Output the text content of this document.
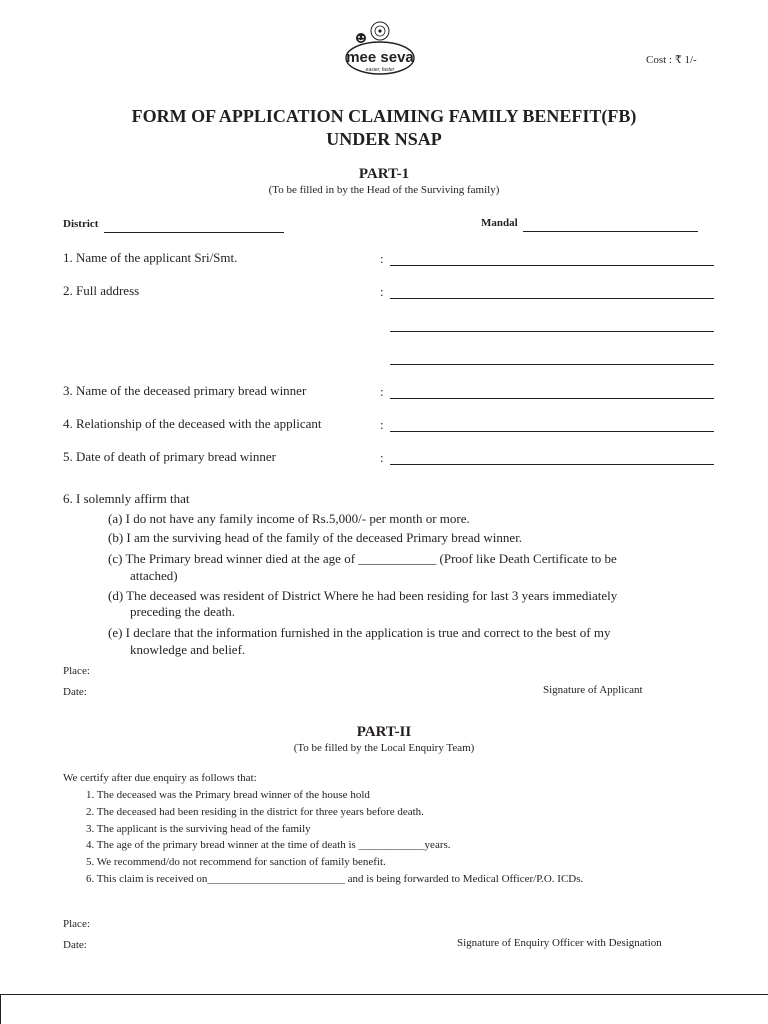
mee seva
easier, faster
Cost : ₹ 1/-
FORM OF APPLICATION CLAIMING FAMILY BENEFIT(FB)
UNDER NSAP
PART-1
(To be filled in by the Head of the Surviving family)
District	Mandal
1. Name of the applicant Sri/Smt.	:
2. Full address	:
3. Name of the deceased primary bread winner	:
4. Relationship of the deceased with the applicant	:
5. Date of death of primary bread winner	:
6. I solemnly affirm that
(a) I do not have any family income of Rs.5,000/- per month or more.
(b) I am the surviving head of the family of the deceased Primary bread winner.
(c) The Primary bread winner died at the age of ____________ (Proof like Death Certificate to be
attached)
(d) The deceased was resident of District Where he had been residing for last 3 years immediately
preceding the death.
(e) I declare that the information furnished in the application is true and correct to the best of my
knowledge and belief.
Place:
Date:	Signature of Applicant
PART-II
(To be filled by the Local Enquiry Team)
We certify after due enquiry as follows that:
1. The deceased was the Primary bread winner of the house hold
2. The deceased had been residing in the district for three years before death.
3. The applicant is the surviving head of the family
4. The age of the primary bread winner at the time of death is ____________years.
5. We recommend/do not recommend for sanction of family benefit.
6. This claim is received on_________________________ and is being forwarded to Medical Officer/P.O. ICDs.
Place:
Date:	Signature of Enquiry Officer with Designation
